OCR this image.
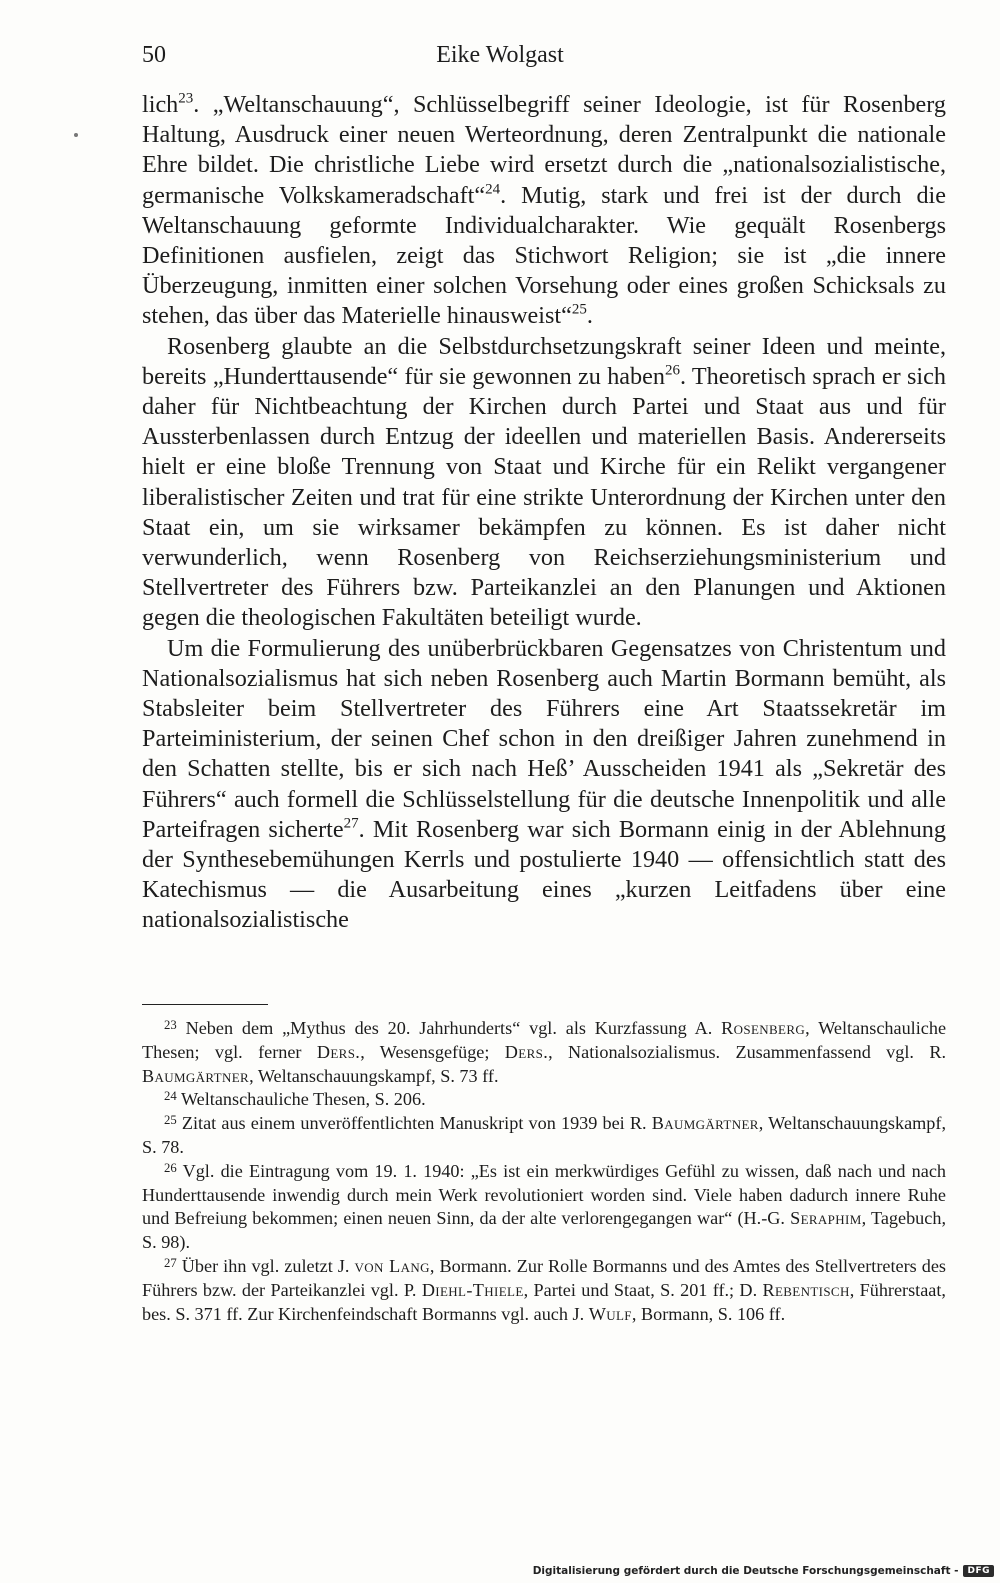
50	Eike Wolgast

lich$^{23}$. „Weltanschauung“, Schlüsselbegriff seiner Ideologie, ist für Rosenberg Haltung, Ausdruck einer neuen Werteordnung, deren Zentralpunkt die nationale Ehre bildet. Die christliche Liebe wird ersetzt durch die „nationalsozialistische, germanische Volkskameradschaft“$^{24}$. Mutig, stark und frei ist der durch die Weltanschauung geformte Individualcharakter. Wie gequält Rosenbergs Definitionen ausfielen, zeigt das Stichwort Religion; sie ist „die innere Überzeugung, inmitten einer solchen Vorsehung oder eines großen Schicksals zu stehen, das über das Materielle hinausweist“$^{25}$.

Rosenberg glaubte an die Selbstdurchsetzungskraft seiner Ideen und meinte, bereits „Hunderttausende“ für sie gewonnen zu haben$^{26}$. Theoretisch sprach er sich daher für Nichtbeachtung der Kirchen durch Partei und Staat aus und für Aussterbenlassen durch Entzug der ideellen und materiellen Basis. Andererseits hielt er eine bloße Trennung von Staat und Kirche für ein Relikt vergangener liberalistischer Zeiten und trat für eine strikte Unterordnung der Kirchen unter den Staat ein, um sie wirksamer bekämpfen zu können. Es ist daher nicht verwunderlich, wenn Rosenberg von Reichserziehungsministerium und Stellvertreter des Führers bzw. Parteikanzlei an den Planungen und Aktionen gegen die theologischen Fakultäten beteiligt wurde.

Um die Formulierung des unüberbrückbaren Gegensatzes von Christentum und Nationalsozialismus hat sich neben Rosenberg auch Martin Bormann bemüht, als Stabsleiter beim Stellvertreter des Führers eine Art Staatssekretär im Parteiministerium, der seinen Chef schon in den dreißiger Jahren zunehmend in den Schatten stellte, bis er sich nach Heß’ Ausscheiden 1941 als „Sekretär des Führers“ auch formell die Schlüsselstellung für die deutsche Innenpolitik und alle Parteifragen sicherte$^{27}$. Mit Rosenberg war sich Bormann einig in der Ablehnung der Synthesebemühungen Kerrls und postulierte 1940 — offensichtlich statt des Katechismus — die Ausarbeitung eines „kurzen Leitfadens über eine nationalsozialistische

$^{23}$ Neben dem „Mythus des 20. Jahrhunderts“ vgl. als Kurzfassung A. Rosenberg, Weltanschauliche Thesen; vgl. ferner Ders., Wesensgefüge; Ders., Nationalsozialismus. Zusammenfassend vgl. R. Baumgärtner, Weltanschauungskampf, S. 73 ff.

$^{24}$ Weltanschauliche Thesen, S. 206.

$^{25}$ Zitat aus einem unveröffentlichten Manuskript von 1939 bei R. Baumgärtner, Weltanschauungskampf, S. 78.

$^{26}$ Vgl. die Eintragung vom 19. 1. 1940: „Es ist ein merkwürdiges Gefühl zu wissen, daß nach und nach Hunderttausende inwendig durch mein Werk revolutioniert worden sind. Viele haben dadurch innere Ruhe und Befreiung bekommen; einen neuen Sinn, da der alte verlorengegangen war“ (H.-G. Seraphim, Tagebuch, S. 98).

$^{27}$ Über ihn vgl. zuletzt J. von Lang, Bormann. Zur Rolle Bormanns und des Amtes des Stellvertreters des Führers bzw. der Parteikanzlei vgl. P. Diehl-Thiele, Partei und Staat, S. 201 ff.; D. Rebentisch, Führerstaat, bes. S. 371 ff. Zur Kirchenfeindschaft Bormanns vgl. auch J. Wulf, Bormann, S. 106 ff.

Digitalisierung gefördert durch die Deutsche Forschungsgemeinschaft -	DFG
